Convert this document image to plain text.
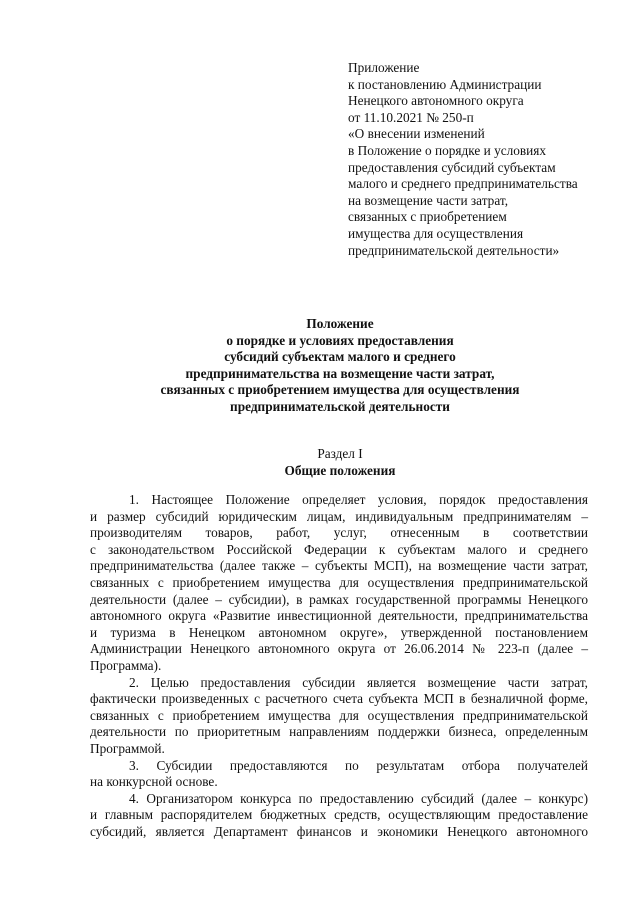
Приложение
к постановлению Администрации
Ненецкого автономного округа
от 11.10.2021 № 250-п
«О внесении изменений
в Положение о порядке и условиях
предоставления субсидий субъектам
малого и среднего предпринимательства
на возмещение части затрат,
связанных с приобретением
имущества для осуществления
предпринимательской деятельности»
Положение
о порядке и условиях предоставления
субсидий субъектам малого и среднего
предпринимательства на возмещение части затрат,
связанных с приобретением имущества для осуществления
предпринимательской деятельности
Раздел I
Общие положения
1. Настоящее Положение определяет условия, порядок предоставления
и размер субсидий юридическим лицам, индивидуальным предпринимателям –
производителям товаров, работ, услуг, отнесенным в соответствии
с законодательством Российской Федерации к субъектам малого и среднего
предпринимательства (далее также – субъекты МСП), на возмещение части затрат,
связанных с приобретением имущества для осуществления предпринимательской
деятельности (далее – субсидии), в рамках государственной программы Ненецкого
автономного округа «Развитие инвестиционной деятельности, предпринимательства
и туризма в Ненецком автономном округе», утвержденной постановлением
Администрации Ненецкого автономного округа от 26.06.2014 № 223-п (далее –
Программа).
2. Целью предоставления субсидии является возмещение части затрат,
фактически произведенных с расчетного счета субъекта МСП в безналичной форме,
связанных с приобретением имущества для осуществления предпринимательской
деятельности по приоритетным направлениям поддержки бизнеса, определенным
Программой.
3. Субсидии предоставляются по результатам отбора получателей
на конкурсной основе.
4. Организатором конкурса по предоставлению субсидий (далее – конкурс)
и главным распорядителем бюджетных средств, осуществляющим предоставление
субсидий, является Департамент финансов и экономики Ненецкого автономного
